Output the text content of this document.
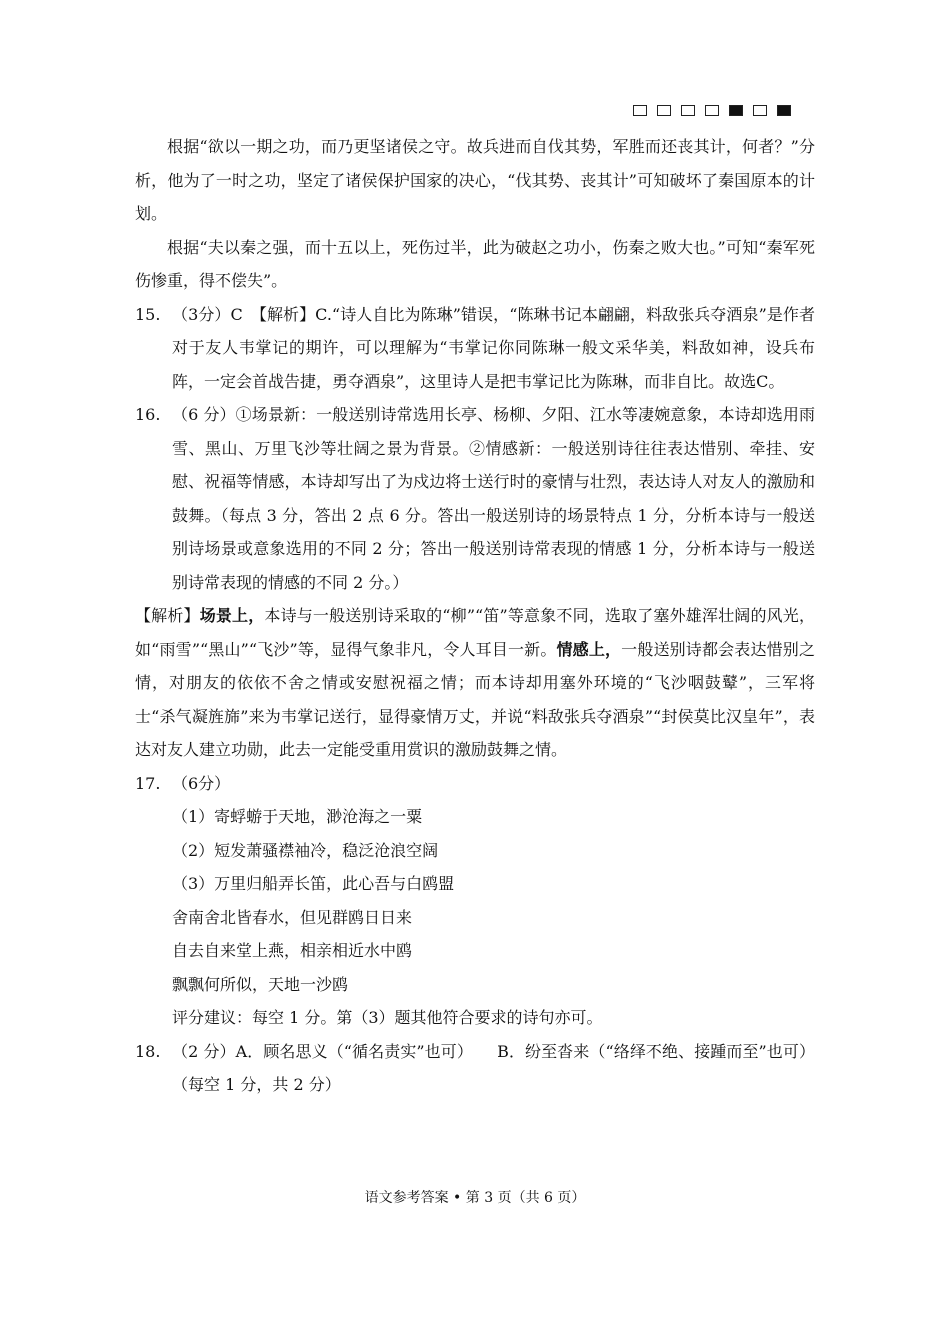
根据“欲以一期之功，而乃更坚诸侯之守。故兵进而自伐其势，军胜而还丧其计，何者？”分析，他为了一时之功，坚定了诸侯保护国家的决心，“伐其势、丧其计”可知破坏了秦国原本的计划。

根据“夫以秦之强，而十五以上，死伤过半，此为破赵之功小，伤秦之败大也。”可知“秦军死伤惨重，得不偿失”。

15. （3分）C　【解析】C.“诗人自比为陈琳”错误，“陈琳书记本翩翩，料敌张兵夺酒泉”是作者对于友人韦掌记的期许，可以理解为“韦掌记你同陈琳一般文采华美，料敌如神，设兵布阵，一定会首战告捷，勇夺酒泉”，这里诗人是把韦掌记比为陈琳，而非自比。故选C。

16. （6 分）①场景新：一般送别诗常选用长亭、杨柳、夕阳、江水等凄婉意象，本诗却选用雨雪、黑山、万里飞沙等壮阔之景为背景。②情感新：一般送别诗往往表达惜别、牵挂、安慰、祝福等情感，本诗却写出了为戍边将士送行时的豪情与壮烈，表达诗人对友人的激励和鼓舞。（每点 3 分，答出 2 点 6 分。答出一般送别诗的场景特点 1 分，分析本诗与一般送别诗场景或意象选用的不同 2 分；答出一般送别诗常表现的情感 1 分，分析本诗与一般送别诗常表现的情感的不同 2 分。）

【解析】场景上，本诗与一般送别诗采取的“柳”“笛”等意象不同，选取了塞外雄浑壮阔的风光，如“雨雪”“黑山”“飞沙”等，显得气象非凡，令人耳目一新。情感上，一般送别诗都会表达惜别之情，对朋友的依依不舍之情或安慰祝福之情；而本诗却用塞外环境的“飞沙咽鼓鼙”，三军将士“杀气凝旌旆”来为韦掌记送行，显得豪情万丈，并说“料敌张兵夺酒泉”“封侯莫比汉皇年”，表达对友人建立功勋，此去一定能受重用赏识的激励鼓舞之情。

17. （6分）

（1）寄蜉蝣于天地，渺沧海之一粟

（2）短发萧骚襟袖冷，稳泛沧浪空阔

（3）万里归船弄长笛，此心吾与白鸥盟

舍南舍北皆春水，但见群鸥日日来

自去自来堂上燕，相亲相近水中鸥

飘飘何所似，天地一沙鸥

评分建议：每空 1 分。第（3）题其他符合要求的诗句亦可。

18. （2 分）A．顾名思义（“循名责实”也可）　　B．纷至沓来（“络绎不绝、接踵而至”也可）（每空 1 分，共 2 分）

语文参考答案 • 第 3 页（共 6 页）
